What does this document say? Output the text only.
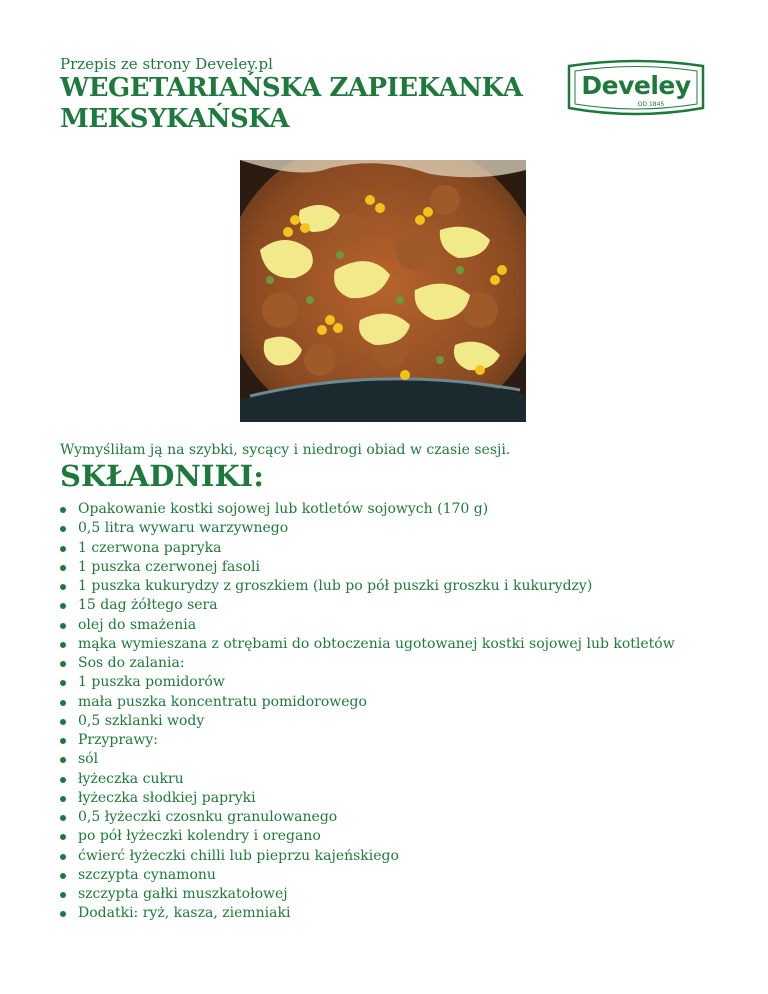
Przepis ze strony Develey.pl
WEGETARIAŃSKA ZAPIEKANKA
MEKSYKAŃSKA
Develey
OD 1845
Wymyśliłam ją na szybki, sycący i niedrogi obiad w czasie sesji.
SKŁADNIKI:
Opakowanie kostki sojowej lub kotletów sojowych (170 g)
0,5 litra wywaru warzywnego
1 czerwona papryka
1 puszka czerwonej fasoli
1 puszka kukurydzy z groszkiem (lub po pół puszki groszku i kukurydzy)
15 dag żółtego sera
olej do smażenia
mąka wymieszana z otrębami do obtoczenia ugotowanej kostki sojowej lub kotletów
Sos do zalania:
1 puszka pomidorów
mała puszka koncentratu pomidorowego
0,5 szklanki wody
Przyprawy:
sól
łyżeczka cukru
łyżeczka słodkiej papryki
0,5 łyżeczki czosnku granulowanego
po pół łyżeczki kolendry i oregano
ćwierć łyżeczki chilli lub pieprzu kajeńskiego
szczypta cynamonu
szczypta gałki muszkatołowej
Dodatki: ryż, kasza, ziemniaki
